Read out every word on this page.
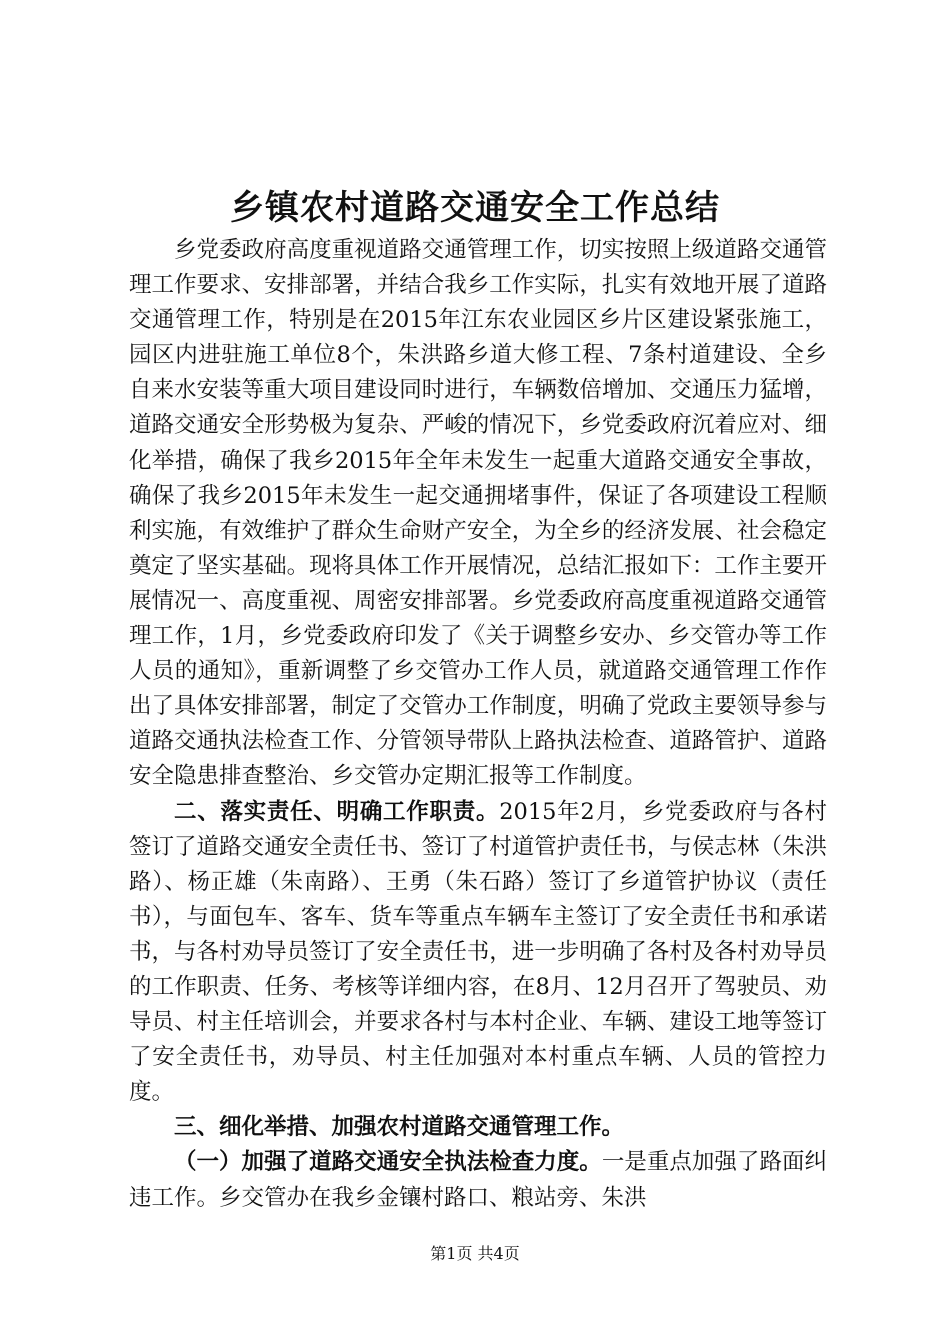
乡镇农村道路交通安全工作总结

乡党委政府高度重视道路交通管理工作，切实按照上级道路交通管理工作要求、安排部署，并结合我乡工作实际，扎实有效地开展了道路交通管理工作，特别是在2015年江东农业园区乡片区建设紧张施工，园区内进驻施工单位8个，朱洪路乡道大修工程、7条村道建设、全乡自来水安装等重大项目建设同时进行，车辆数倍增加、交通压力猛增，道路交通安全形势极为复杂、严峻的情况下，乡党委政府沉着应对、细化举措，确保了我乡2015年全年未发生一起重大道路交通安全事故，确保了我乡2015年未发生一起交通拥堵事件，保证了各项建设工程顺利实施，有效维护了群众生命财产安全，为全乡的经济发展、社会稳定奠定了坚实基础。现将具体工作开展情况，总结汇报如下：工作主要开展情况一、高度重视、周密安排部署。乡党委政府高度重视道路交通管理工作，1月，乡党委政府印发了《关于调整乡安办、乡交管办等工作人员的通知》，重新调整了乡交管办工作人员，就道路交通管理工作作出了具体安排部署，制定了交管办工作制度，明确了党政主要领导参与道路交通执法检查工作、分管领导带队上路执法检查、道路管护、道路安全隐患排查整治、乡交管办定期汇报等工作制度。

二、落实责任、明确工作职责。2015年2月，乡党委政府与各村签订了道路交通安全责任书、签订了村道管护责任书，与侯志林（朱洪路）、杨正雄（朱南路）、王勇（朱石路）签订了乡道管护协议（责任书），与面包车、客车、货车等重点车辆车主签订了安全责任书和承诺书，与各村劝导员签订了安全责任书，进一步明确了各村及各村劝导员的工作职责、任务、考核等详细内容，在8月、12月召开了驾驶员、劝导员、村主任培训会，并要求各村与本村企业、车辆、建设工地等签订了安全责任书，劝导员、村主任加强对本村重点车辆、人员的管控力度。

三、细化举措、加强农村道路交通管理工作。

（一）加强了道路交通安全执法检查力度。一是重点加强了路面纠违工作。乡交管办在我乡金镶村路口、粮站旁、朱洪

第1页 共4页
